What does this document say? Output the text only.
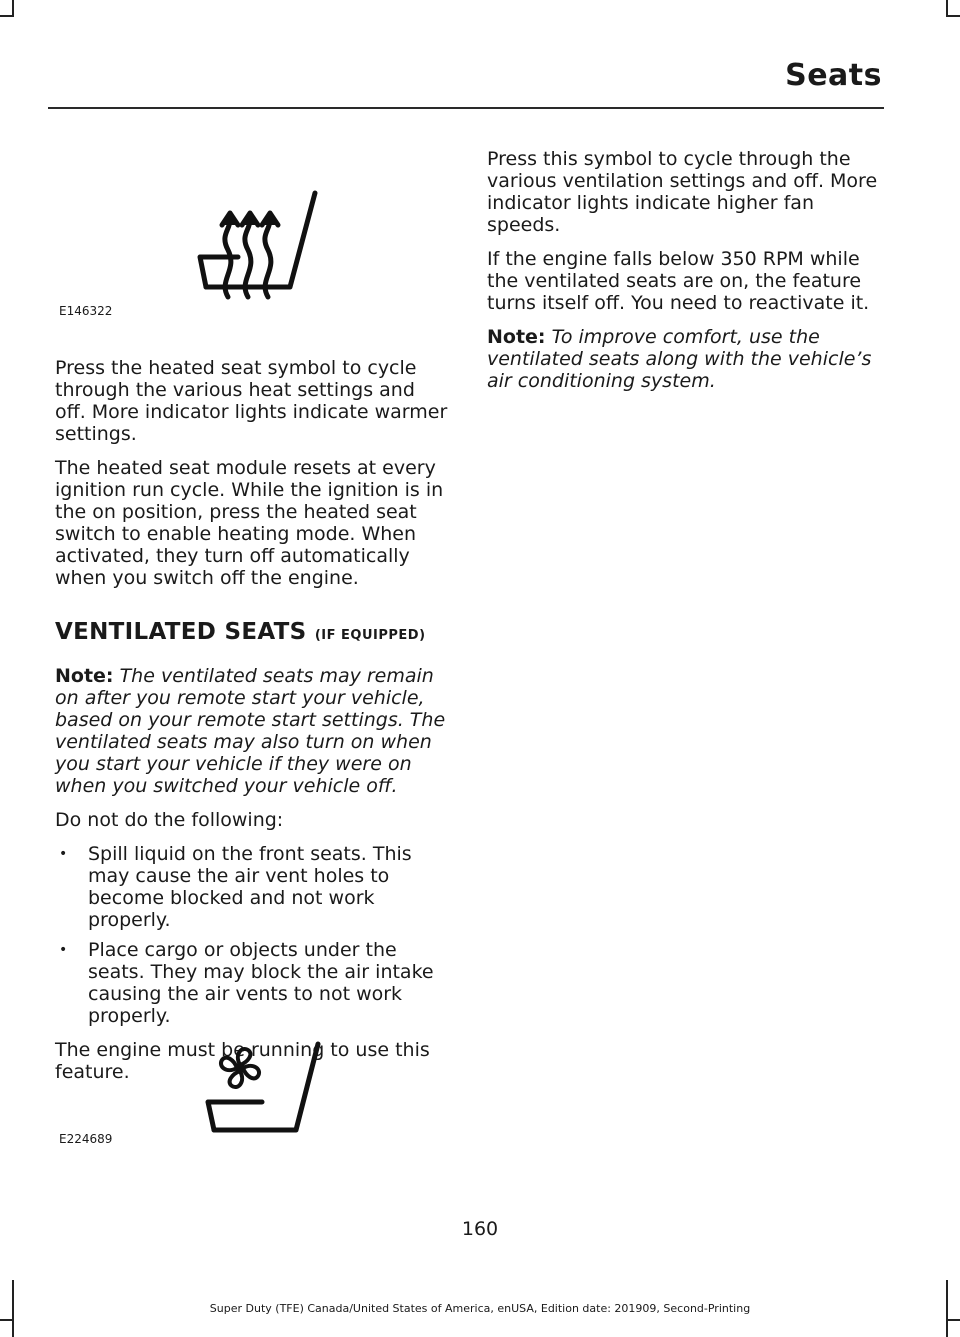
Seats
E146322

Press the heated seat symbol to cycle through the various heat settings and off. More indicator lights indicate warmer settings.

The heated seat module resets at every ignition run cycle. While the ignition is in the on position, press the heated seat switch to enable heating mode. When activated, they turn off automatically when you switch off the engine.

VENTILATED SEATS (IF EQUIPPED)

Note: The ventilated seats may remain on after you remote start your vehicle, based on your remote start settings. The ventilated seats may also turn on when you start your vehicle if they were on when you switched your vehicle off.

Do not do the following:

• Spill liquid on the front seats. This may cause the air vent holes to become blocked and not work properly.
• Place cargo or objects under the seats. They may block the air intake causing the air vents to not work properly.

The engine must be running to use this feature.

E224689

Press this symbol to cycle through the various ventilation settings and off. More indicator lights indicate higher fan speeds.

If the engine falls below 350 RPM while the ventilated seats are on, the feature turns itself off. You need to reactivate it.

Note: To improve comfort, use the ventilated seats along with the vehicle’s air conditioning system.

160
Super Duty (TFE) Canada/United States of America, enUSA, Edition date: 201909, Second-Printing
